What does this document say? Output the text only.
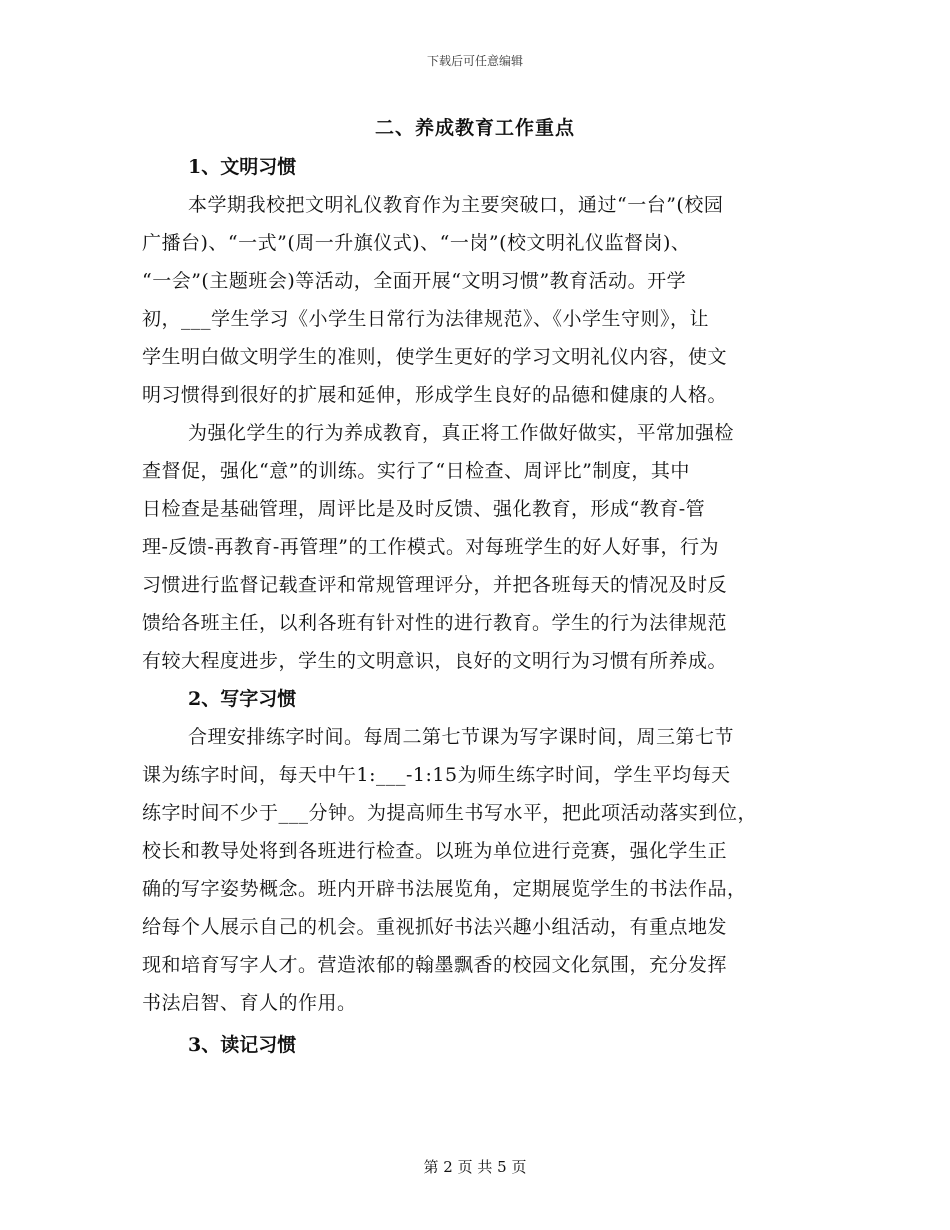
下载后可任意编辑
二、养成教育工作重点
1、文明习惯
本学期我校把文明礼仪教育作为主要突破口，通过“一台”(校园
广播台)、“一式”(周一升旗仪式)、“一岗”(校文明礼仪监督岗)、
“一会”(主题班会)等活动，全面开展“文明习惯”教育活动。开学
初，___学生学习《小学生日常行为法律规范》、《小学生守则》，让
学生明白做文明学生的准则，使学生更好的学习文明礼仪内容，使文
明习惯得到很好的扩展和延伸，形成学生良好的品德和健康的人格。
为强化学生的行为养成教育，真正将工作做好做实，平常加强检
查督促，强化“意”的训练。实行了“日检查、周评比”制度，其中
日检查是基础管理，周评比是及时反馈、强化教育，形成“教育-管
理-反馈-再教育-再管理”的工作模式。对每班学生的好人好事，行为
习惯进行监督记载查评和常规管理评分，并把各班每天的情况及时反
馈给各班主任，以利各班有针对性的进行教育。学生的行为法律规范
有较大程度进步，学生的文明意识，良好的文明行为习惯有所养成。
2、写字习惯
合理安排练字时间。每周二第七节课为写字课时间，周三第七节
课为练字时间，每天中午1:___-1:15为师生练字时间，学生平均每天
练字时间不少于___分钟。为提高师生书写水平，把此项活动落实到位，
校长和教导处将到各班进行检查。以班为单位进行竞赛，强化学生正
确的写字姿势概念。班内开辟书法展览角，定期展览学生的书法作品，
给每个人展示自己的机会。重视抓好书法兴趣小组活动，有重点地发
现和培育写字人才。营造浓郁的翰墨飘香的校园文化氛围，充分发挥
书法启智、育人的作用。
3、读记习惯
第 2 页 共 5 页
